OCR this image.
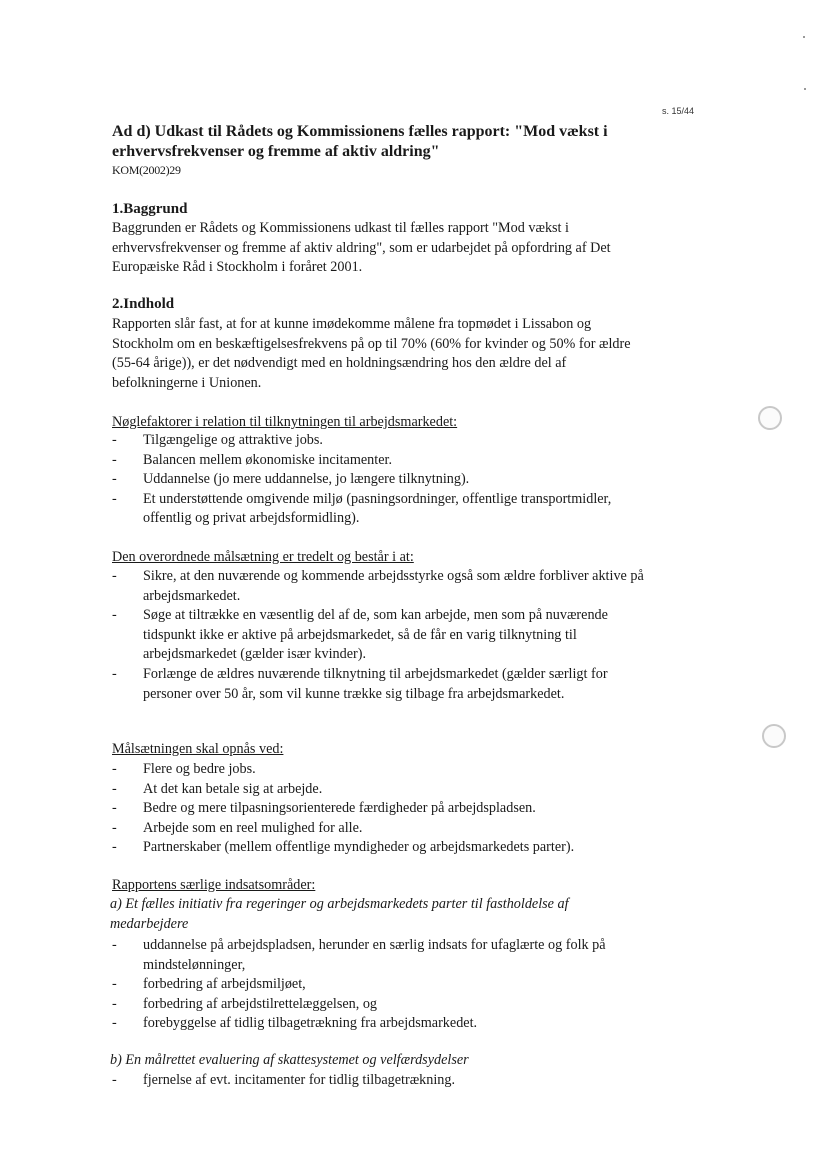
s. 15/44
Ad d) Udkast til Rådets og Kommissionens fælles rapport: "Mod vækst i erhvervsfrekvenser og fremme af aktiv aldring"
KOM(2002)29
1.Baggrund
Baggrunden er Rådets og Kommissionens udkast til fælles rapport "Mod vækst i erhvervsfrekvenser og fremme af aktiv aldring", som er udarbejdet på opfordring af Det Europæiske Råd i Stockholm i foråret 2001.
2.Indhold
Rapporten slår fast, at for at kunne imødekomme målene fra topmødet i Lissabon og Stockholm om en beskæftigelsesfrekvens på op til 70% (60% for kvinder og 50% for ældre (55-64 årige)), er det nødvendigt med en holdningsændring hos den ældre del af befolkningerne i Unionen.
Nøglefaktorer i relation til tilknytningen til arbejdsmarkedet:
- Tilgængelige og attraktive jobs.
- Balancen mellem økonomiske incitamenter.
- Uddannelse (jo mere uddannelse, jo længere tilknytning).
- Et understøttende omgivende miljø (pasningsordninger, offentlige transportmidler, offentlig og privat arbejdsformidling).
Den overordnede målsætning er tredelt og består i at:
- Sikre, at den nuværende og kommende arbejdsstyrke også som ældre forbliver aktive på arbejdsmarkedet.
- Søge at tiltrække en væsentlig del af de, som kan arbejde, men som på nuværende tidspunkt ikke er aktive på arbejdsmarkedet, så de får en varig tilknytning til arbejdsmarkedet (gælder især kvinder).
- Forlænge de ældres nuværende tilknytning til arbejdsmarkedet (gælder særligt for personer over 50 år, som vil kunne trække sig tilbage fra arbejdsmarkedet.
Målsætningen skal opnås ved:
- Flere og bedre jobs.
- At det kan betale sig at arbejde.
- Bedre og mere tilpasningsorienterede færdigheder på arbejdspladsen.
- Arbejde som en reel mulighed for alle.
- Partnerskaber (mellem offentlige myndigheder og arbejdsmarkedets parter).
Rapportens særlige indsatsområder:
a) Et fælles initiativ fra regeringer og arbejdsmarkedets parter til fastholdelse af medarbejdere
- uddannelse på arbejdspladsen, herunder en særlig indsats for ufaglærte og folk på mindstelønninger,
- forbedring af arbejdsmiljøet,
- forbedring af arbejdstilrettelæggelsen, og
- forebyggelse af tidlig tilbagetrækning fra arbejdsmarkedet.
b) En målrettet evaluering af skattesystemet og velfærdsydelser
- fjernelse af evt. incitamenter for tidlig tilbagetrækning.
